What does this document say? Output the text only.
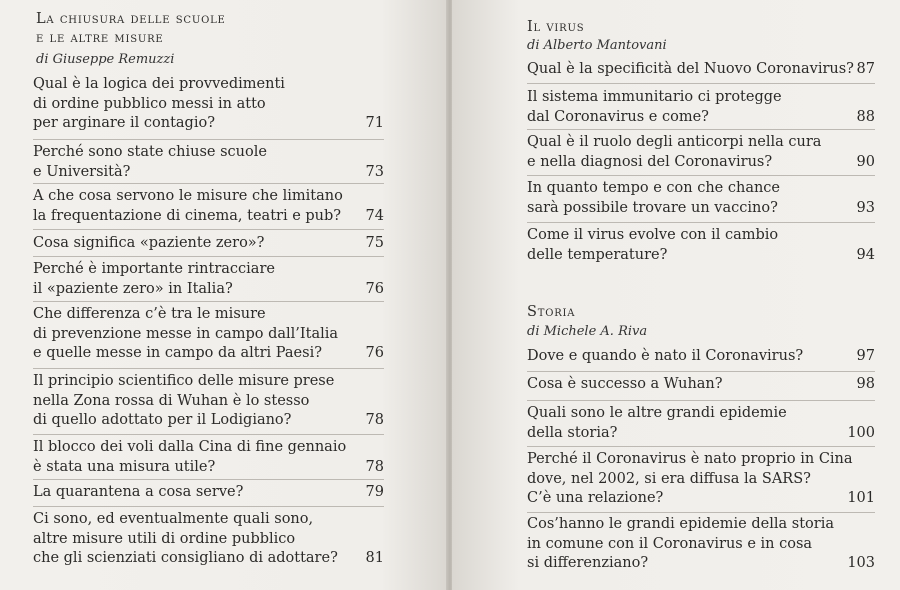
La chiusura delle scuole
e le altre misure
di Giuseppe Remuzzi
Qual è la logica dei provvedimenti
di ordine pubblico messi in atto
per arginare il contagio?	71
Perché sono state chiuse scuole
e Università?	73
A che cosa servono le misure che limitano
la frequentazione di cinema, teatri e pub?	74
Cosa significa «paziente zero»?	75
Perché è importante rintracciare
il «paziente zero» in Italia?	76
Che differenza c’è tra le misure
di prevenzione messe in campo dall’Italia
e quelle messe in campo da altri Paesi?	76
Il principio scientifico delle misure prese
nella Zona rossa di Wuhan è lo stesso
di quello adottato per il Lodigiano?	78
Il blocco dei voli dalla Cina di fine gennaio
è stata una misura utile?	78
La quarantena a cosa serve?	79
Ci sono, ed eventualmente quali sono,
altre misure utili di ordine pubblico
che gli scienziati consigliano di adottare?	81
Il virus
di Alberto Mantovani
Qual è la specificità del Nuovo Coronavirus? 87
Il sistema immunitario ci protegge
dal Coronavirus e come?	88
Qual è il ruolo degli anticorpi nella cura
e nella diagnosi del Coronavirus?	90
In quanto tempo e con che chance
sarà possibile trovare un vaccino?	93
Come il virus evolve con il cambio
delle temperature?	94
Storia
di Michele A. Riva
Dove e quando è nato il Coronavirus?	97
Cosa è successo a Wuhan?	98
Quali sono le altre grandi epidemie
della storia?	100
Perché il Coronavirus è nato proprio in Cina
dove, nel 2002, si era diffusa la SARS?
C’è una relazione?	101
Cos’hanno le grandi epidemie della storia
in comune con il Coronavirus e in cosa
si differenziano?	103
